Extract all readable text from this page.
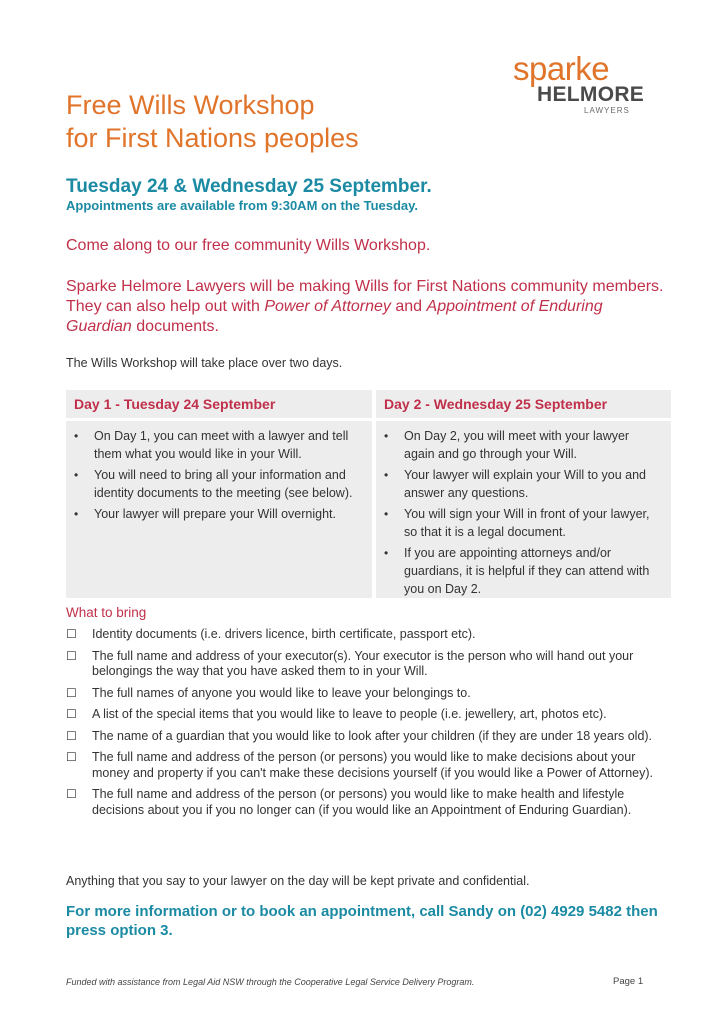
sparke
HELMORE
LAWYERS
Free Wills Workshop
for First Nations peoples
Tuesday 24 & Wednesday 25 September.
Appointments are available from 9:30AM on the Tuesday.
Come along to our free community Wills Workshop.
Sparke Helmore Lawyers will be making Wills for First Nations community members. They can also help out with Power of Attorney and Appointment of Enduring Guardian documents.
The Wills Workshop will take place over two days.
Day 1 - Tuesday 24 September	Day 2 - Wednesday 25 September
• On Day 1, you can meet with a lawyer and tell them what you would like in your Will.
• You will need to bring all your information and identity documents to the meeting (see below).
• Your lawyer will prepare your Will overnight.
• On Day 2, you will meet with your lawyer again and go through your Will.
• Your lawyer will explain your Will to you and answer any questions.
• You will sign your Will in front of your lawyer, so that it is a legal document.
• If you are appointing attorneys and/or guardians, it is helpful if they can attend with you on Day 2.
What to bring
☐ Identity documents (i.e. drivers licence, birth certificate, passport etc).
☐ The full name and address of your executor(s). Your executor is the person who will hand out your belongings the way that you have asked them to in your Will.
☐ The full names of anyone you would like to leave your belongings to.
☐ A list of the special items that you would like to leave to people (i.e. jewellery, art, photos etc).
☐ The name of a guardian that you would like to look after your children (if they are under 18 years old).
☐ The full name and address of the person (or persons) you would like to make decisions about your money and property if you can't make these decisions yourself (if you would like a Power of Attorney).
☐ The full name and address of the person (or persons) you would like to make health and lifestyle decisions about you if you no longer can (if you would like an Appointment of Enduring Guardian).
Anything that you say to your lawyer on the day will be kept private and confidential.
For more information or to book an appointment, call Sandy on (02) 4929 5482 then press option 3.
Funded with assistance from Legal Aid NSW through the Cooperative Legal Service Delivery Program.	Page 1
